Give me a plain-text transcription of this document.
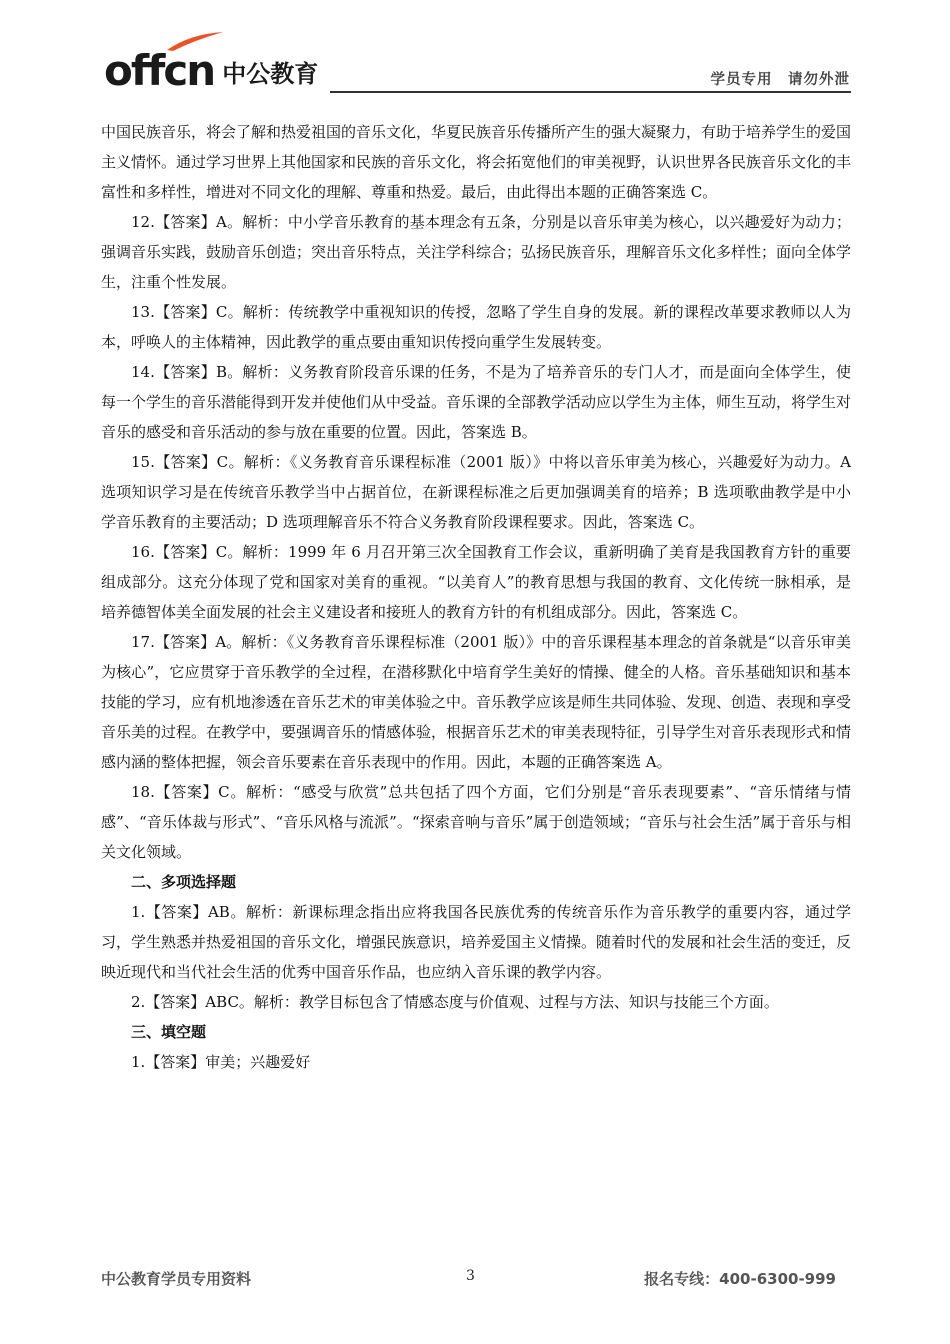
offcn 中公教育	学员专用　请勿外泄

中国民族音乐，将会了解和热爱祖国的音乐文化，华夏民族音乐传播所产生的强大凝聚力，有助于培养学生的爱国主义情怀。通过学习世界上其他国家和民族的音乐文化，将会拓宽他们的审美视野，认识世界各民族音乐文化的丰富性和多样性，增进对不同文化的理解、尊重和热爱。最后，由此得出本题的正确答案选 C。

12.【答案】A。解析：中小学音乐教育的基本理念有五条，分别是以音乐审美为核心，以兴趣爱好为动力；强调音乐实践，鼓励音乐创造；突出音乐特点，关注学科综合；弘扬民族音乐，理解音乐文化多样性；面向全体学生，注重个性发展。

13.【答案】C。解析：传统教学中重视知识的传授，忽略了学生自身的发展。新的课程改革要求教师以人为本，呼唤人的主体精神，因此教学的重点要由重知识传授向重学生发展转变。

14.【答案】B。解析：义务教育阶段音乐课的任务，不是为了培养音乐的专门人才，而是面向全体学生，使每一个学生的音乐潜能得到开发并使他们从中受益。音乐课的全部教学活动应以学生为主体，师生互动，将学生对音乐的感受和音乐活动的参与放在重要的位置。因此，答案选 B。

15.【答案】C。解析：《义务教育音乐课程标准（2001 版）》中将以音乐审美为核心，兴趣爱好为动力。A 选项知识学习是在传统音乐教学当中占据首位，在新课程标准之后更加强调美育的培养；B 选项歌曲教学是中小学音乐教育的主要活动；D 选项理解音乐不符合义务教育阶段课程要求。因此，答案选 C。

16.【答案】C。解析：1999 年 6 月召开第三次全国教育工作会议，重新明确了美育是我国教育方针的重要组成部分。这充分体现了党和国家对美育的重视。“以美育人”的教育思想与我国的教育、文化传统一脉相承，是培养德智体美全面发展的社会主义建设者和接班人的教育方针的有机组成部分。因此，答案选 C。

17.【答案】A。解析：《义务教育音乐课程标准（2001 版）》中的音乐课程基本理念的首条就是“以音乐审美为核心”，它应贯穿于音乐教学的全过程，在潜移默化中培育学生美好的情操、健全的人格。音乐基础知识和基本技能的学习，应有机地渗透在音乐艺术的审美体验之中。音乐教学应该是师生共同体验、发现、创造、表现和享受音乐美的过程。在教学中，要强调音乐的情感体验，根据音乐艺术的审美表现特征，引导学生对音乐表现形式和情感内涵的整体把握，领会音乐要素在音乐表现中的作用。因此，本题的正确答案选 A。

18.【答案】C。解析：“感受与欣赏”总共包括了四个方面，它们分别是“音乐表现要素”、“音乐情绪与情感”、“音乐体裁与形式”、“音乐风格与流派”。“探索音响与音乐”属于创造领域；“音乐与社会生活”属于音乐与相关文化领域。

二、多项选择题

1.【答案】AB。解析：新课标理念指出应将我国各民族优秀的传统音乐作为音乐教学的重要内容，通过学习，学生熟悉并热爱祖国的音乐文化，增强民族意识，培养爱国主义情操。随着时代的发展和社会生活的变迁，反映近现代和当代社会生活的优秀中国音乐作品，也应纳入音乐课的教学内容。

2.【答案】ABC。解析：教学目标包含了情感态度与价值观、过程与方法、知识与技能三个方面。

三、填空题

1.【答案】审美；兴趣爱好

中公教育学员专用资料	3	报名专线：400-6300-999
